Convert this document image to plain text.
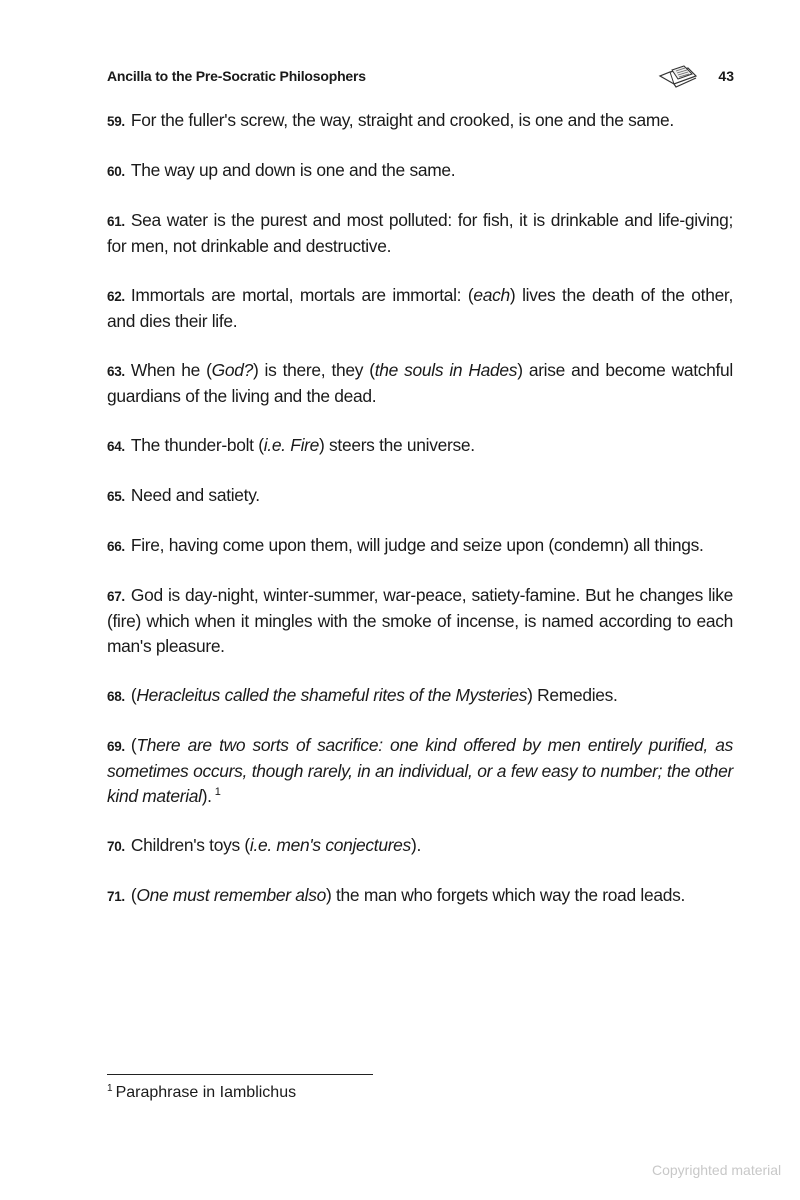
Ancilla to the Pre-Socratic Philosophers	43

59. For the fuller's screw, the way, straight and crooked, is one and the same.

60. The way up and down is one and the same.

61. Sea water is the purest and most polluted: for fish, it is drinkable and life-giving; for men, not drinkable and destructive.

62. Immortals are mortal, mortals are immortal: (each) lives the death of the other, and dies their life.

63. When he (God?) is there, they (the souls in Hades) arise and become watchful guardians of the living and the dead.

64. The thunder-bolt (i.e. Fire) steers the universe.

65. Need and satiety.

66. Fire, having come upon them, will judge and seize upon (condemn) all things.

67. God is day-night, winter-summer, war-peace, satiety-famine. But he changes like (fire) which when it mingles with the smoke of incense, is named according to each man's pleasure.

68. (Heracleitus called the shameful rites of the Mysteries) Remedies.

69. (There are two sorts of sacrifice: one kind offered by men entirely purified, as sometimes occurs, though rarely, in an individual, or a few easy to number; the other kind material). $^1$

70. Children's toys (i.e. men's conjectures).

71. (One must remember also) the man who forgets which way the road leads.

$^1$ Paraphrase in Iamblichus
Copyrighted material
